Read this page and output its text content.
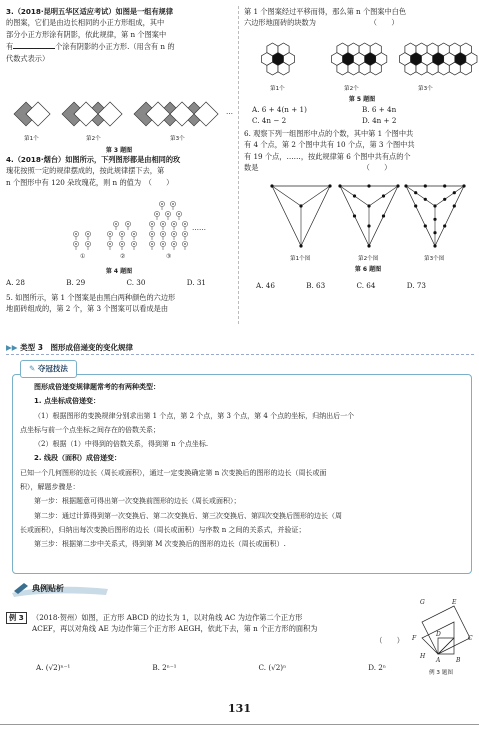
3.（2018·昆明五华区适应考试）如图是一组有规律

的图案，它们是由边长相同的小正方形组成，其中

部分小正方形涂有阴影，依此规律，第 n 个图案中

有	个涂有阴影的小正方形.（用含有 n 的

代数式表示）

…
第1个	第2个	第3个
第 3 题图

4.（2018·烟台）如图所示，下列图形都是由相同的玫

瑰花按照一定的规律摆成的，按此规律摆下去，第

n 个图形中有 120 朵玫瑰花，则 n 的值为　（　　）

……
①	②	③
第 4 题图
A. 28	B. 29	C. 30	D. 31

5. 如图所示，第 1 个图案是由黑白两种颜色的六边形

地面砖组成的，第 2 个，第 3 个图案可以看成是由

第 1 个图案经过平移而得，那么第 n 个图案中白色

六边形地面砖的块数为　　　　　　　　（　　）

第1个	第2个	第3个
第 5 题图
A. 6 + 4(n + 1)	B. 6 + 4n
C. 4n − 2	D. 4n + 2

6. 观察下列一组图形中点的个数，其中第 1 个图中共

有 4 个点，第 2 个图中共有 10 个点，第 3 个图中共

有 19 个点，……，按此规律第 6 个图中共有点的个

数是　　　　　　　　　　　　　　　（　　）

第1个图	第2个图	第3个图
第 6 题图
A. 46	B. 63	C. 64	D. 73
▶▶ 类型 3　图形成倍递变的变化规律
✎ 夺冠技法
图形成倍递变规律题常考的有两种类型：
1. 点坐标成倍递变：
（1）根据图形的变换规律分别求出第 1 个点，第 2 个点，第 3 个点，第 4 个点的坐标，归纳出后一个
点坐标与前一个点坐标之间存在的倍数关系；
（2）根据（1）中得到的倍数关系，得到第 n 个点坐标.
2. 线段（面积）成倍递变：
已知一个几何图形的边长（周长或面积），通过一定变换确定第 n 次变换后的图形的边长（周长或面
积），解题步骤是：
第一步：根据题意可得出第一次变换前图形的边长（周长或面积）；
第二步：通过计算得到第一次变换后、第二次变换后、第三次变换后、第四次变换后图形的边长（周
长或面积），归纳出每次变换后图形的边长（周长或面积）与序数 n 之间的关系式，并验证；
第三步：根据第二步中关系式，得到第 M 次变换后的图形的边长（周长或面积）.
典例贴析
例 3	（2018·贺州）如图，正方形 ABCD 的边长为 1，以对角线 AC 为边作第二个正方形

ACEF，再以对角线 AE 为边作第三个正方形 AEGH，依此下去，第 n 个正方形的面积为

（　　）

A. (√2)ⁿ⁻¹	B. 2ⁿ⁻¹	C. (√2)ⁿ	D. 2ⁿ
G	E
F
D
C
H
A	B
例 3 题图
131
